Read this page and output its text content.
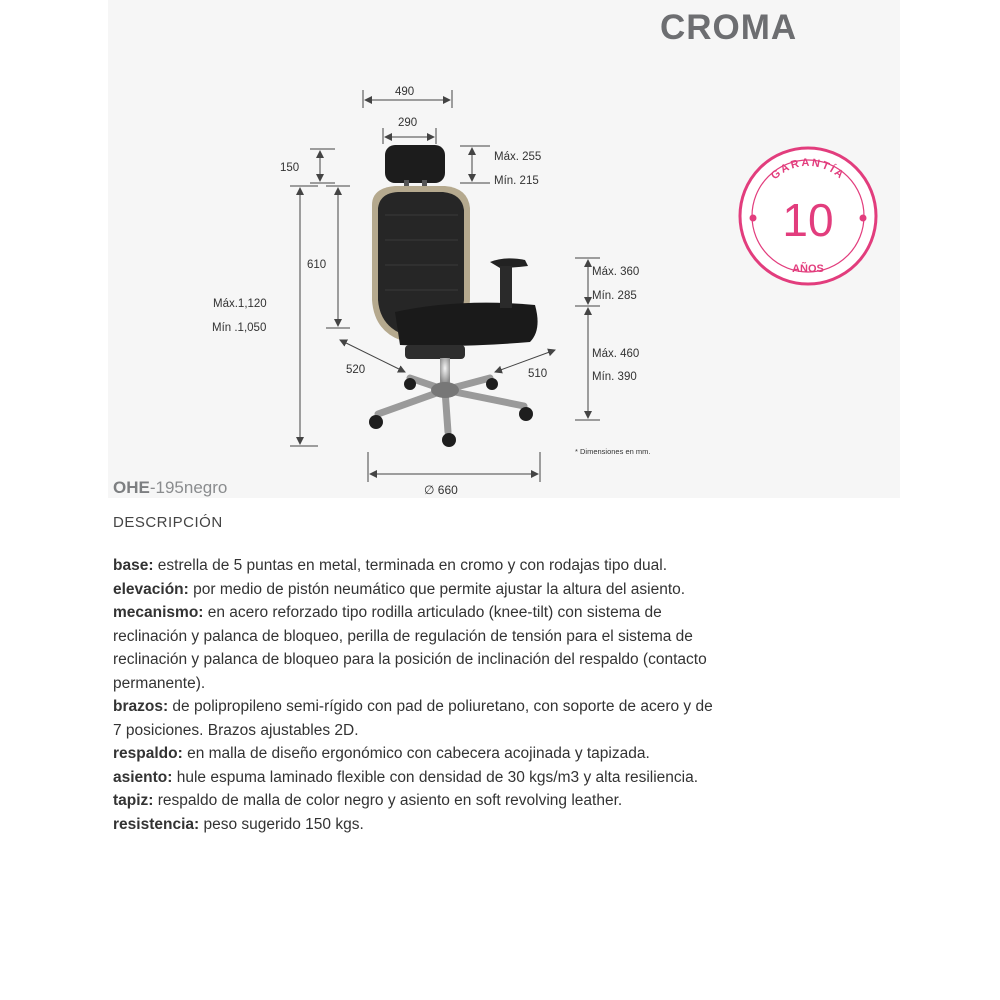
CROMA
490
290
150
Máx. 255
Mín. 215
610
Máx.1,120
Mín .1,050
Máx. 360
Mín. 285
Máx. 460
Mín. 390
520	510
∅ 660
* Dimensiones en mm.
GARANTÍA
10
AÑOS
OHE-195negro
DESCRIPCIÓN

base: estrella de 5 puntas en metal, terminada en cromo y con rodajas tipo dual.

elevación: por medio de pistón neumático que permite ajustar la altura del asiento.

mecanismo: en acero reforzado tipo rodilla articulado (knee-tilt) con sistema de reclinación y palanca de bloqueo, perilla de regulación de tensión para el sistema de reclinación y palanca de bloqueo para la posición de inclinación del respaldo (contacto permanente).

brazos: de polipropileno semi-rígido con pad de poliuretano, con soporte de acero y de 7 posiciones. Brazos ajustables 2D.

respaldo: en malla de diseño ergonómico con cabecera acojinada y tapizada.

asiento: hule espuma laminado flexible con densidad de 30 kgs/m3 y alta resiliencia.

tapiz: respaldo de malla de color negro y asiento en soft revolving leather.

resistencia: peso sugerido 150 kgs.
